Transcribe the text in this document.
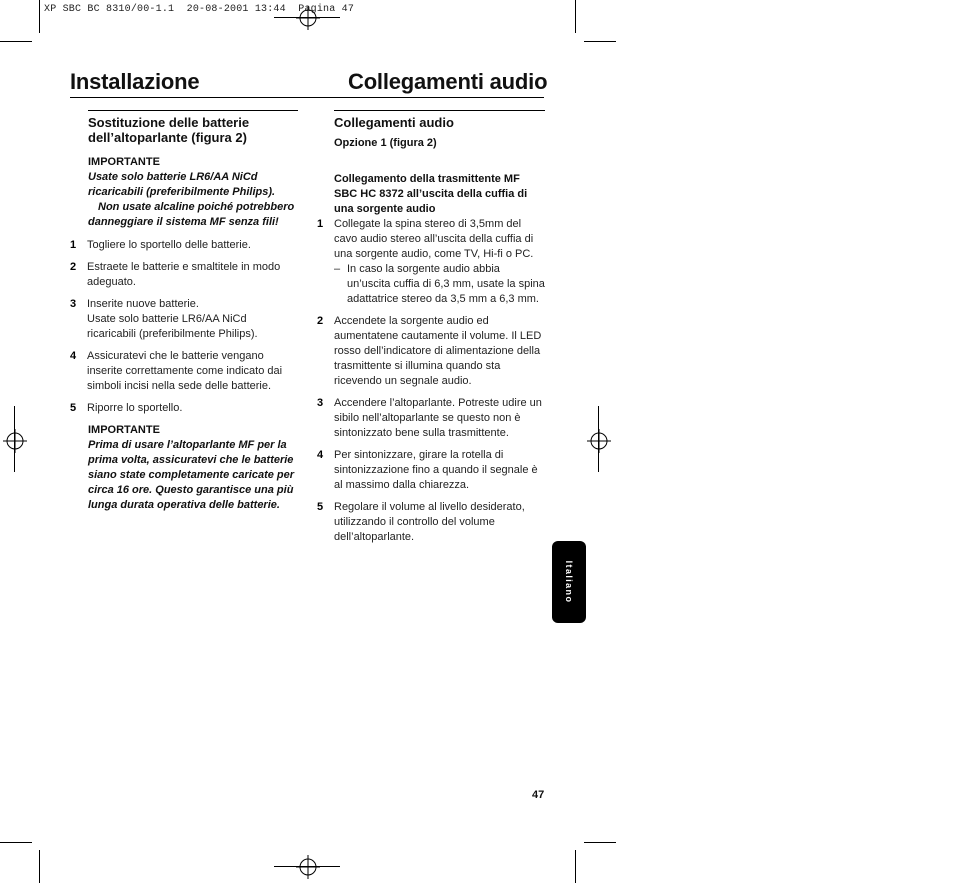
XP SBC BC 8310/00-1.1  20-08-2001 13:44  Pagina 47
Installazione	Collegamenti audio
Sostituzione delle batterie dell’altoparlante (figura 2)

IMPORTANTE

Usate solo batterie LR6/AA NiCd ricaricabili (preferibilmente Philips).

Non usate alcaline poiché potrebbero danneggiare il sistema MF senza fili!

1 Togliere lo sportello delle batterie.
2 Estraete le batterie e smaltitele in modo adeguato.
3 Inserite nuove batterie.
Usate solo batterie LR6/AA NiCd ricaricabili (preferibilmente Philips).
4 Assicuratevi che le batterie vengano inserite correttamente come indicato dai simboli incisi nella sede delle batterie.
5 Riporre lo sportello.

IMPORTANTE

Prima di usare l’altoparlante MF per la prima volta, assicuratevi che le batterie siano state completamente caricate per circa 16 ore. Questo garantisce una più lunga durata operativa delle batterie.

Collegamenti audio

Opzione 1 (figura 2)

Collegamento della trasmittente MF SBC HC 8372 all’uscita della cuffia di una sorgente audio

1 Collegate la spina stereo di 3,5mm del cavo audio stereo all’uscita della cuffia di una sorgente audio, come TV, Hi-fi o PC.
– In caso la sorgente audio abbia un’uscita cuffia di 6,3 mm, usate la spina adattatrice stereo da 3,5 mm a 6,3 mm.
2 Accendete la sorgente audio ed aumentatene cautamente il volume. Il LED rosso dell’indicatore di alimentazione della trasmittente si illumina quando sta ricevendo un segnale audio.
3 Accendere l’altoparlante. Potreste udire un sibilo nell’altoparlante se questo non è sintonizzato bene sulla trasmittente.
4 Per sintonizzare, girare la rotella di sintonizzazione fino a quando il segnale è al massimo dalla chiarezza.
5 Regolare il volume al livello desiderato, utilizzando il controllo del volume dell’altoparlante.
Italiano
47
